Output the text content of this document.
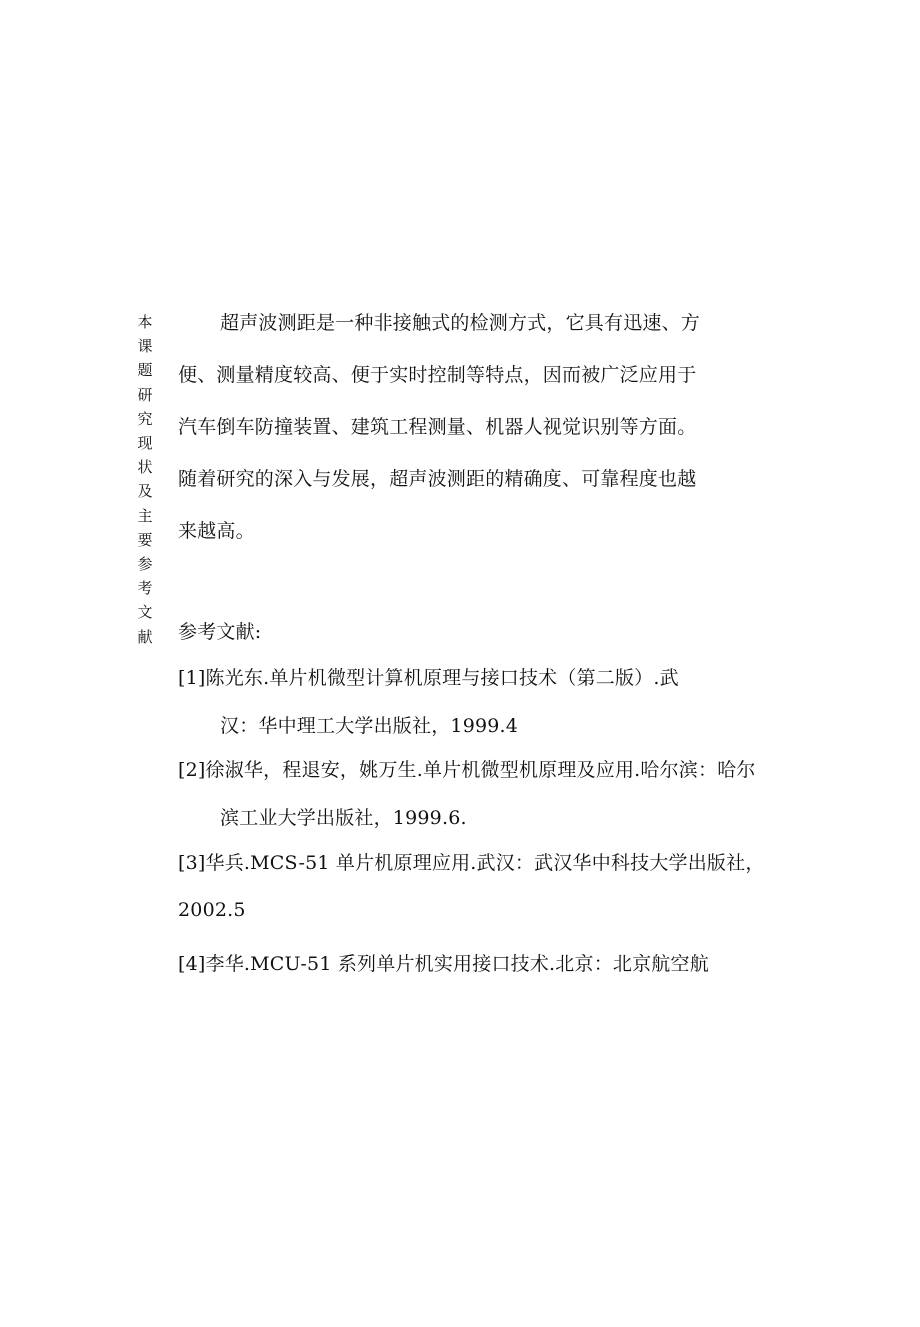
本课题研究现状及主要参考文献
超声波测距是一种非接触式的检测方式，它具有迅速、方
便、测量精度较高、便于实时控制等特点，因而被广泛应用于
汽车倒车防撞装置、建筑工程测量、机器人视觉识别等方面。
随着研究的深入与发展，超声波测距的精确度、可靠程度也越
来越高。
参考文献:
[1]陈光东.单片机微型计算机原理与接口技术（第二版）.武
汉：华中理工大学出版社，1999.4
[2]徐淑华，程退安，姚万生.单片机微型机原理及应用.哈尔滨：哈尔
滨工业大学出版社，1999.6.
[3]华兵.MCS-51 单片机原理应用.武汉：武汉华中科技大学出版社，
2002.5
[4]李华.MCU-51 系列单片机实用接口技术.北京：北京航空航
